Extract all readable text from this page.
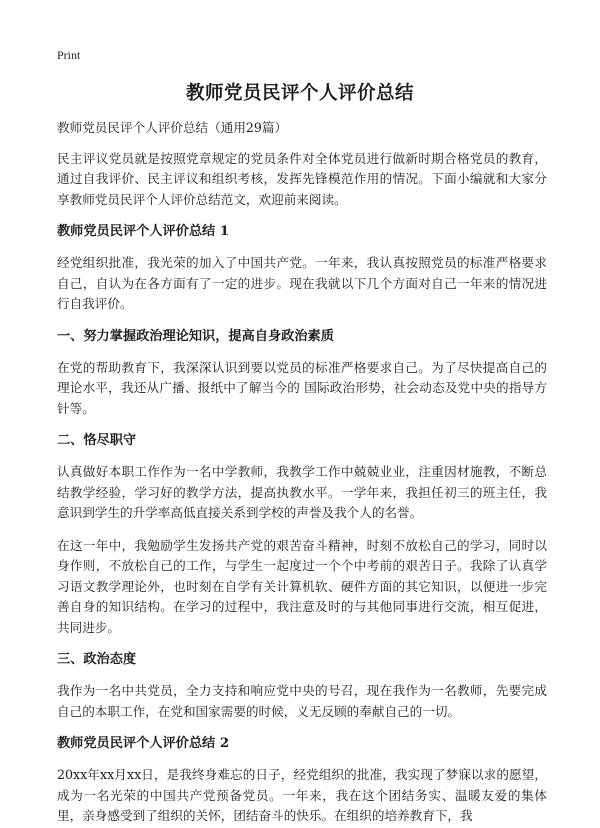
Print
教师党员民评个人评价总结

教师党员民评个人评价总结（通用29篇）

民主评议党员就是按照党章规定的党员条件对全体党员进行做新时期合格党员的教育，通过自我评价、民主评议和组织考核，发挥先锋模范作用的情况。下面小编就和大家分享教师党员民评个人评价总结范文，欢迎前来阅读。

教师党员民评个人评价总结 1

经党组织批准，我光荣的加入了中国共产党。一年来，我认真按照党员的标准严格要求自己，自认为在各方面有了一定的进步。现在我就以下几个方面对自己一年来的情况进行自我评价。

一、努力掌握政治理论知识，提高自身政治素质

在党的帮助教育下，我深深认识到要以党员的标准严格要求自己。为了尽快提高自己的理论水平，我还从广播、报纸中了解当今的 国际政治形势，社会动态及党中央的指导方针等。

二、恪尽职守

认真做好本职工作作为一名中学教师，我教学工作中兢兢业业，注重因材施教，不断总结教学经验，学习好的教学方法，提高执教水平。一学年来，我担任初三的班主任，我意识到学生的升学率高低直接关系到学校的声誉及我个人的名誉。

在这一年中，我勉励学生发扬共产党的艰苦奋斗精神，时刻不放松自己的学习，同时以身作则，不放松自己的工作，与学生一起度过一个个中考前的艰苦日子。我除了认真学习语文教学理论外，也时刻在自学有关计算机软、硬件方面的其它知识，以便进一步完善自身的知识结构。在学习的过程中，我注意及时的与其他同事进行交流，相互促进，共同进步。

三、政治态度

我作为一名中共党员，全力支持和响应党中央的号召，现在我作为一名教师，先要完成自己的本职工作，在党和国家需要的时候，义无反顾的奉献自己的一切。

教师党员民评个人评价总结 2

20xx年xx月xx日，是我终身难忘的日子，经党组织的批准，我实现了梦寐以求的愿望，成为一名光荣的中国共产党预备党员。一年来，我在这个团结务实、温暖友爱的集体里，亲身感受到了组织的关怀，团结奋斗的快乐。在组织的培养教育下，我
